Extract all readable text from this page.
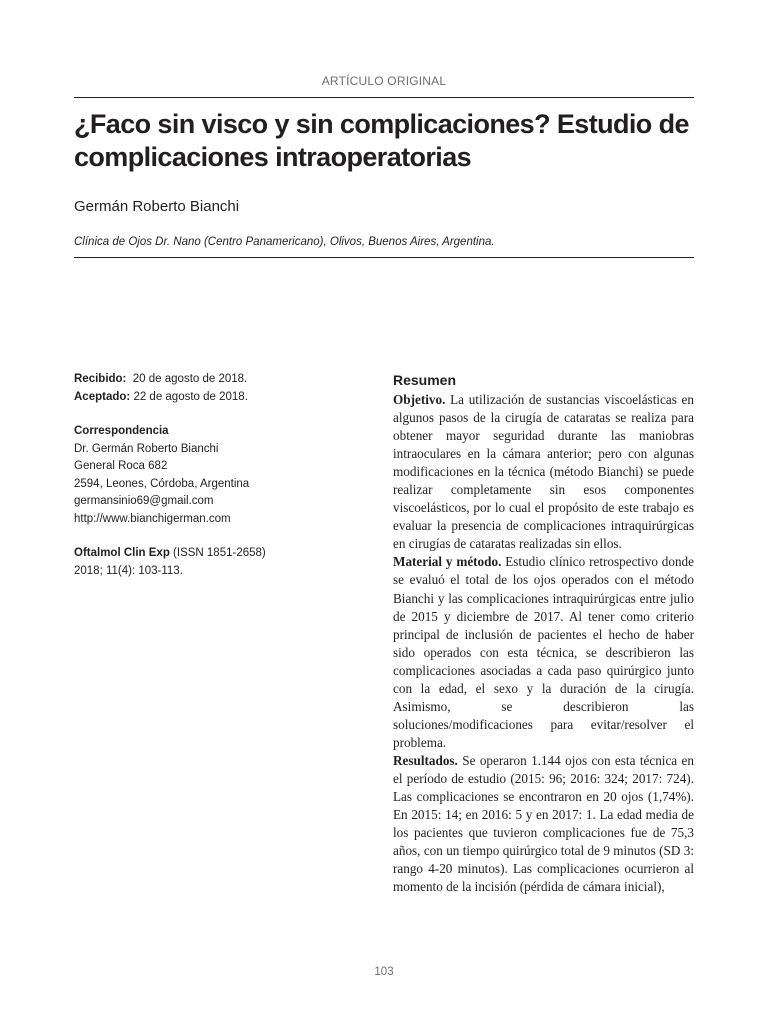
ARTÍCULO ORIGINAL
¿Faco sin visco y sin complicaciones? Estudio de complicaciones intraoperatorias
Germán Roberto Bianchi
Clínica de Ojos Dr. Nano (Centro Panamericano), Olivos, Buenos Aires, Argentina.
Recibido: 20 de agosto de 2018.
Aceptado: 22 de agosto de 2018.
Correspondencia
Dr. Germán Roberto Bianchi
General Roca 682
2594, Leones, Córdoba, Argentina
germansinio69@gmail.com
http://www.bianchigerman.com
Oftalmol Clin Exp (ISSN 1851-2658)
2018; 11(4): 103-113.
Resumen

Objetivo. La utilización de sustancias viscoelásticas en algunos pasos de la cirugía de cataratas se realiza para obtener mayor seguridad durante las maniobras intraoculares en la cámara anterior; pero con algunas modificaciones en la técnica (método Bianchi) se puede realizar completamente sin esos componentes viscoelásticos, por lo cual el propósito de este trabajo es evaluar la presencia de complicaciones intraquirúrgicas en cirugías de cataratas realizadas sin ellos.

Material y método. Estudio clínico retrospectivo donde se evaluó el total de los ojos operados con el método Bianchi y las complicaciones intraquirúrgicas entre julio de 2015 y diciembre de 2017. Al tener como criterio principal de inclusión de pacientes el hecho de haber sido operados con esta técnica, se describieron las complicaciones asociadas a cada paso quirúrgico junto con la edad, el sexo y la duración de la cirugía. Asimismo, se describieron las soluciones/modificaciones para evitar/resolver el problema.

Resultados. Se operaron 1.144 ojos con esta técnica en el período de estudio (2015: 96; 2016: 324; 2017: 724). Las complicaciones se encontraron en 20 ojos (1,74%). En 2015: 14; en 2016: 5 y en 2017: 1. La edad media de los pacientes que tuvieron complicaciones fue de 75,3 años, con un tiempo quirúrgico total de 9 minutos (SD 3: rango 4-20 minutos). Las complicaciones ocurrieron al momento de la incisión (pérdida de cámara inicial),

103
